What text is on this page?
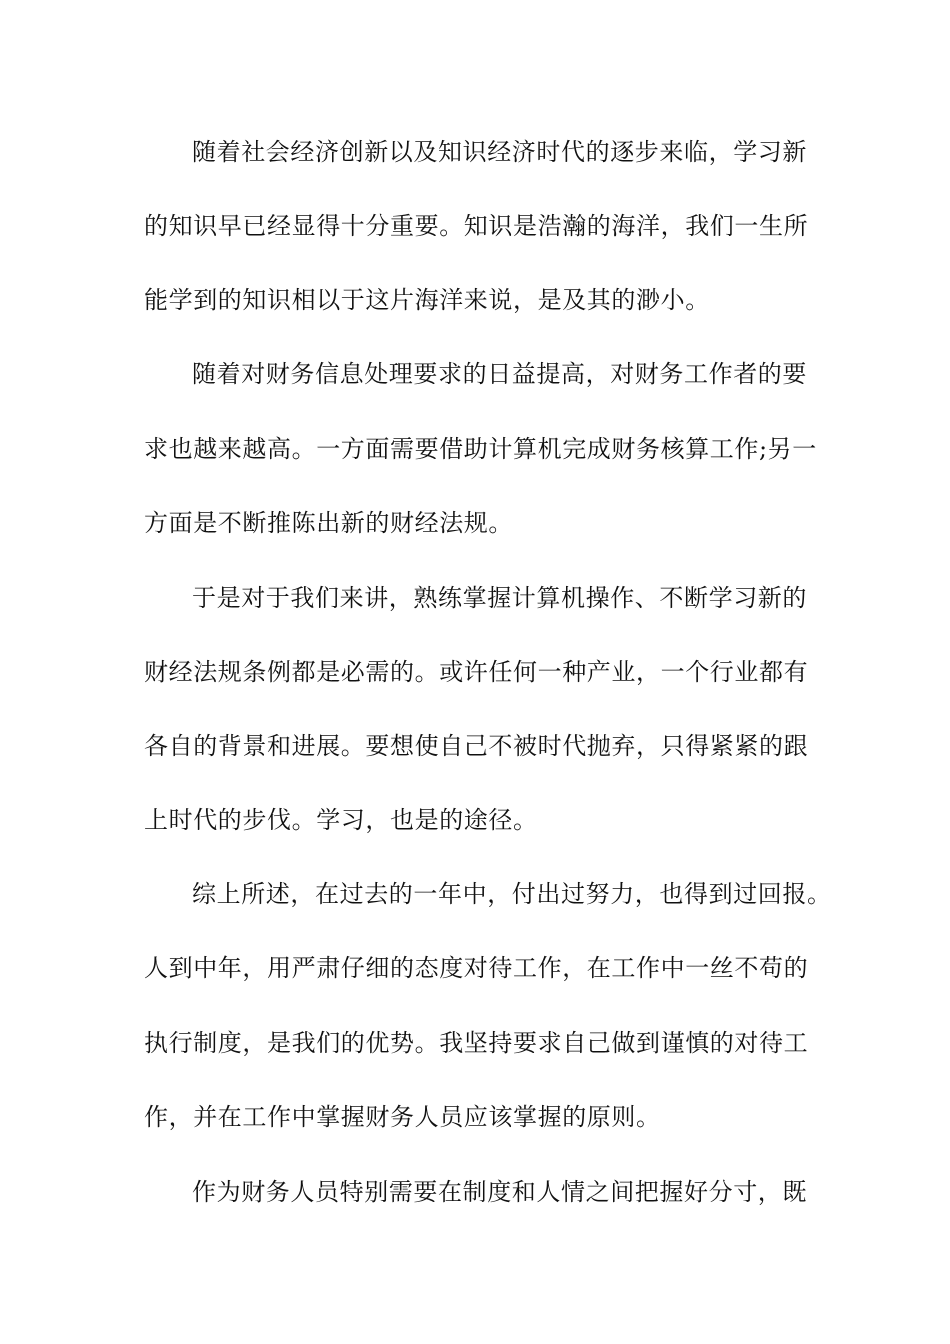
随着社会经济创新以及知识经济时代的逐步来临，学习新
的知识早已经显得十分重要。知识是浩瀚的海洋，我们一生所
能学到的知识相以于这片海洋来说，是及其的渺小。
随着对财务信息处理要求的日益提高，对财务工作者的要
求也越来越高。一方面需要借助计算机完成财务核算工作;另一
方面是不断推陈出新的财经法规。
于是对于我们来讲，熟练掌握计算机操作、不断学习新的
财经法规条例都是必需的。或许任何一种产业，一个行业都有
各自的背景和进展。要想使自己不被时代抛弃，只得紧紧的跟
上时代的步伐。学习，也是的途径。
综上所述，在过去的一年中，付出过努力，也得到过回报。
人到中年，用严肃仔细的态度对待工作，在工作中一丝不苟的
执行制度，是我们的优势。我坚持要求自己做到谨慎的对待工
作，并在工作中掌握财务人员应该掌握的原则。
作为财务人员特别需要在制度和人情之间把握好分寸，既
